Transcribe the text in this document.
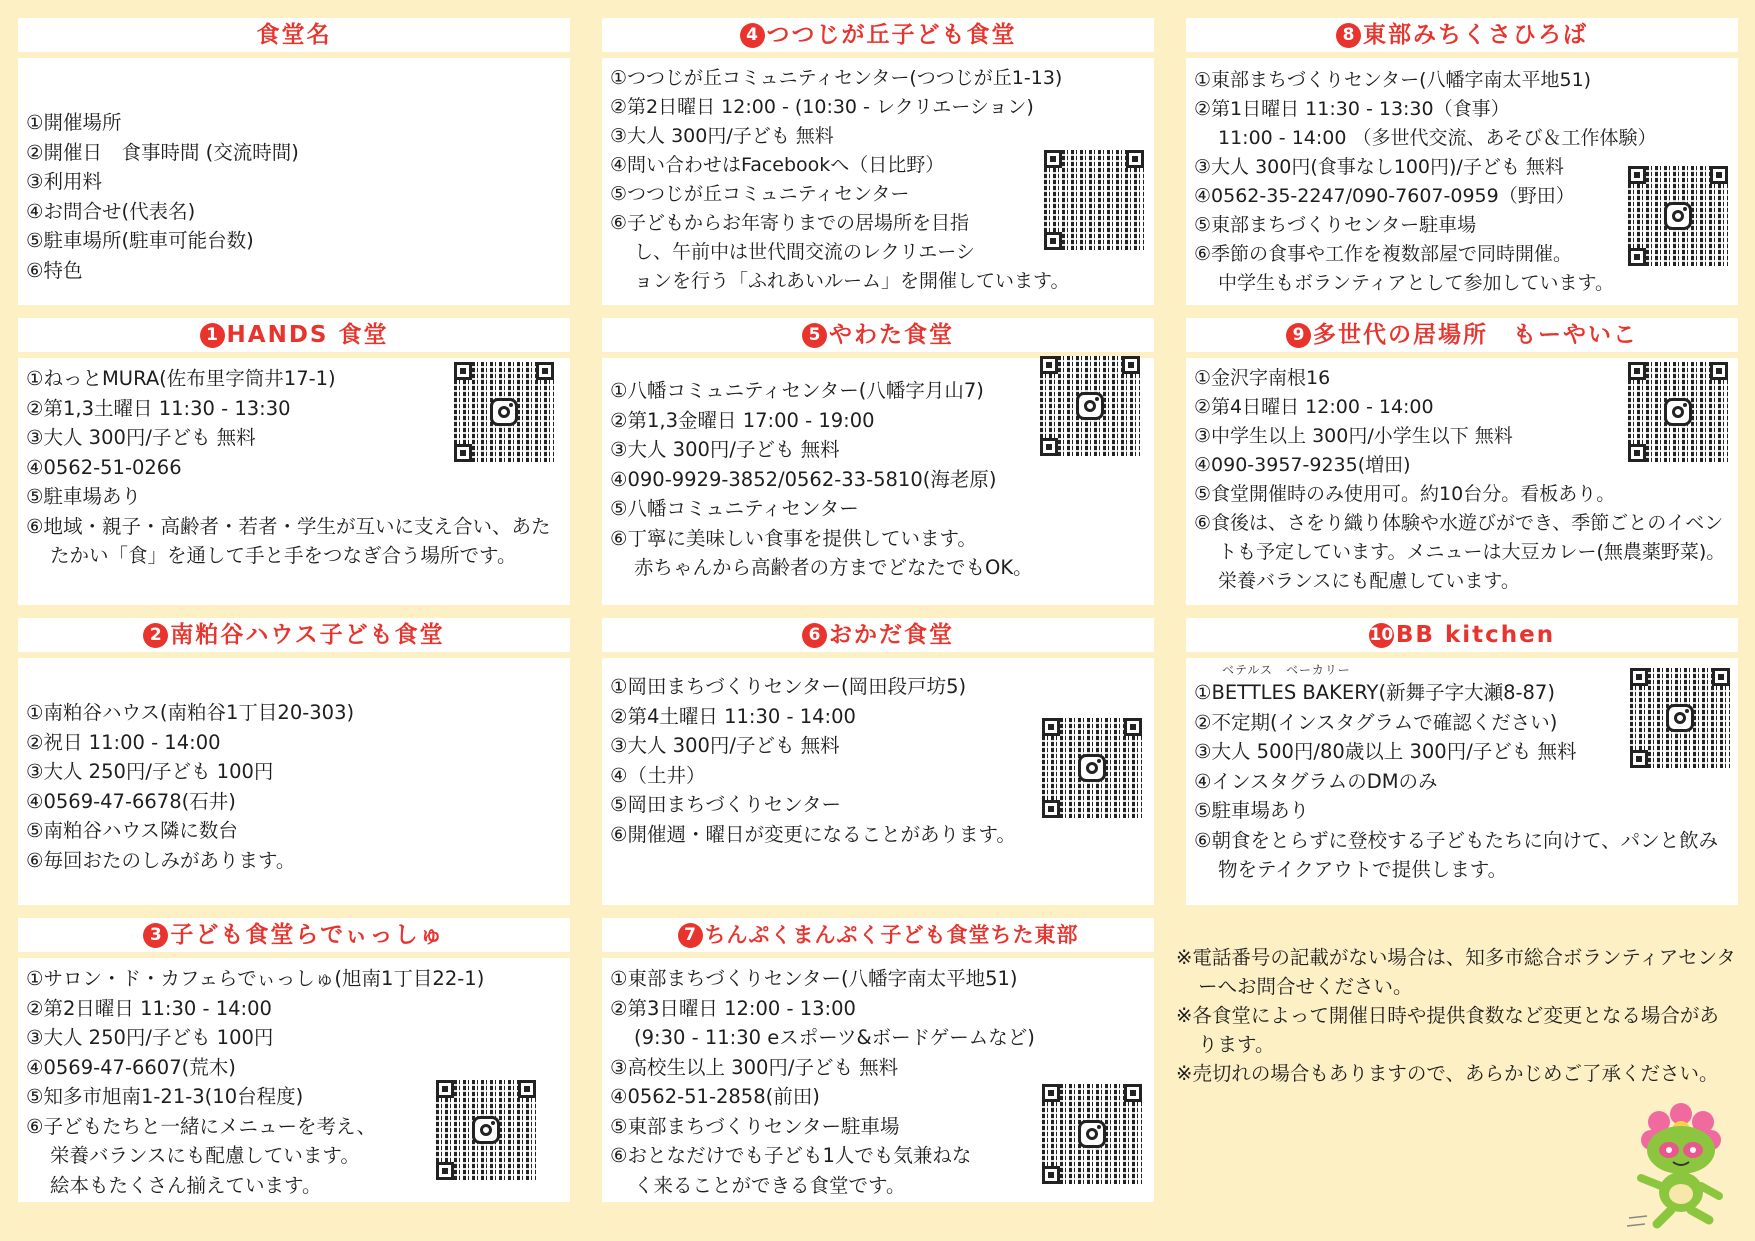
食堂名
①開催場所
②開催日　食事時間 (交流時間)
③利用料
④お問合せ(代表名)
⑤駐車場所(駐車可能台数)
⑥特色
1 HANDS 食堂
①ねっとMURA(佐布里字筒井17-1)
②第1,3土曜日 11:30 - 13:30
③大人 300円/子ども 無料
④0562-51-0266
⑤駐車場あり
⑥地域・親子・高齢者・若者・学生が互いに支え合い、あたたかい「食」を通して手と手をつなぎ合う場所です。
2 南粕谷ハウス子ども食堂
①南粕谷ハウス(南粕谷1丁目20-303)
②祝日 11:00 - 14:00
③大人 250円/子ども 100円
④0569-47-6678(石井)
⑤南粕谷ハウス隣に数台
⑥毎回おたのしみがあります。
3 子ども食堂らでぃっしゅ
①サロン・ド・カフェらでぃっしゅ(旭南1丁目22-1)
②第2日曜日 11:30 - 14:00
③大人 250円/子ども 100円
④0569-47-6607(荒木)
⑤知多市旭南1-21-3(10台程度)
⑥子どもたちと一緒にメニューを考え、
栄養バランスにも配慮しています。
絵本もたくさん揃えています。
4 つつじが丘子ども食堂
①つつじが丘コミュニティセンター(つつじが丘1-13)
②第2日曜日 12:00 - (10:30 - レクリエーション)
③大人 300円/子ども 無料
④問い合わせはFacebookへ（日比野）
⑤つつじが丘コミュニティセンター
⑥子どもからお年寄りまでの居場所を目指
し、午前中は世代間交流のレクリエーシ
ョンを行う「ふれあいルーム」を開催しています。
5 やわた食堂
①八幡コミュニティセンター(八幡字月山7)
②第1,3金曜日 17:00 - 19:00
③大人 300円/子ども 無料
④090-9929-3852/0562-33-5810(海老原)
⑤八幡コミュニティセンター
⑥丁寧に美味しい食事を提供しています。
赤ちゃんから高齢者の方までどなたでもOK。
6 おかだ食堂
①岡田まちづくりセンター(岡田段戸坊5)
②第4土曜日 11:30 - 14:00
③大人 300円/子ども 無料
④（土井）
⑤岡田まちづくりセンター
⑥開催週・曜日が変更になることがあります。
7 ちんぷくまんぷく子ども食堂ちた東部
①東部まちづくりセンター(八幡字南太平地51)
②第3日曜日 12:00 - 13:00
(9:30 - 11:30 eスポーツ&ボードゲームなど)
③高校生以上 300円/子ども 無料
④0562-51-2858(前田)
⑤東部まちづくりセンター駐車場
⑥おとなだけでも子ども1人でも気兼ねな
く来ることができる食堂です。
8 東部みちくさひろば
①東部まちづくりセンター(八幡字南太平地51)
②第1日曜日 11:30 - 13:30（食事）
11:00 - 14:00 （多世代交流、あそび＆工作体験）
③大人 300円(食事なし100円)/子ども 無料
④0562-35-2247/090-7607-0959（野田）
⑤東部まちづくりセンター駐車場
⑥季節の食事や工作を複数部屋で同時開催。
中学生もボランティアとして参加しています。
9 多世代の居場所　もーやいこ
①金沢字南根16
②第4日曜日 12:00 - 14:00
③中学生以上 300円/小学生以下 無料
④090-3957-9235(増田)
⑤食堂開催時のみ使用可。約10台分。看板あり。
⑥食後は、さをり織り体験や水遊びができ、季節ごとのイベントも予定しています。メニューは大豆カレー(無農薬野菜)。栄養バランスにも配慮しています。
10 BB kitchen
①BETTLES BAKERY(新舞子字大瀬8-87)
②不定期(インスタグラムで確認ください)
③大人 500円/80歳以上 300円/子ども 無料
④インスタグラムのDMのみ
⑤駐車場あり
⑥朝食をとらずに登校する子どもたちに向けて、パンと飲み物をテイクアウトで提供します。
ベテルス　ベーカリー
※電話番号の記載がない場合は、知多市総合ボランティアセンターへお問合せください。
※各食堂によって開催日時や提供食数など変更となる場合があります。
※売切れの場合もありますので、あらかじめご了承ください。
